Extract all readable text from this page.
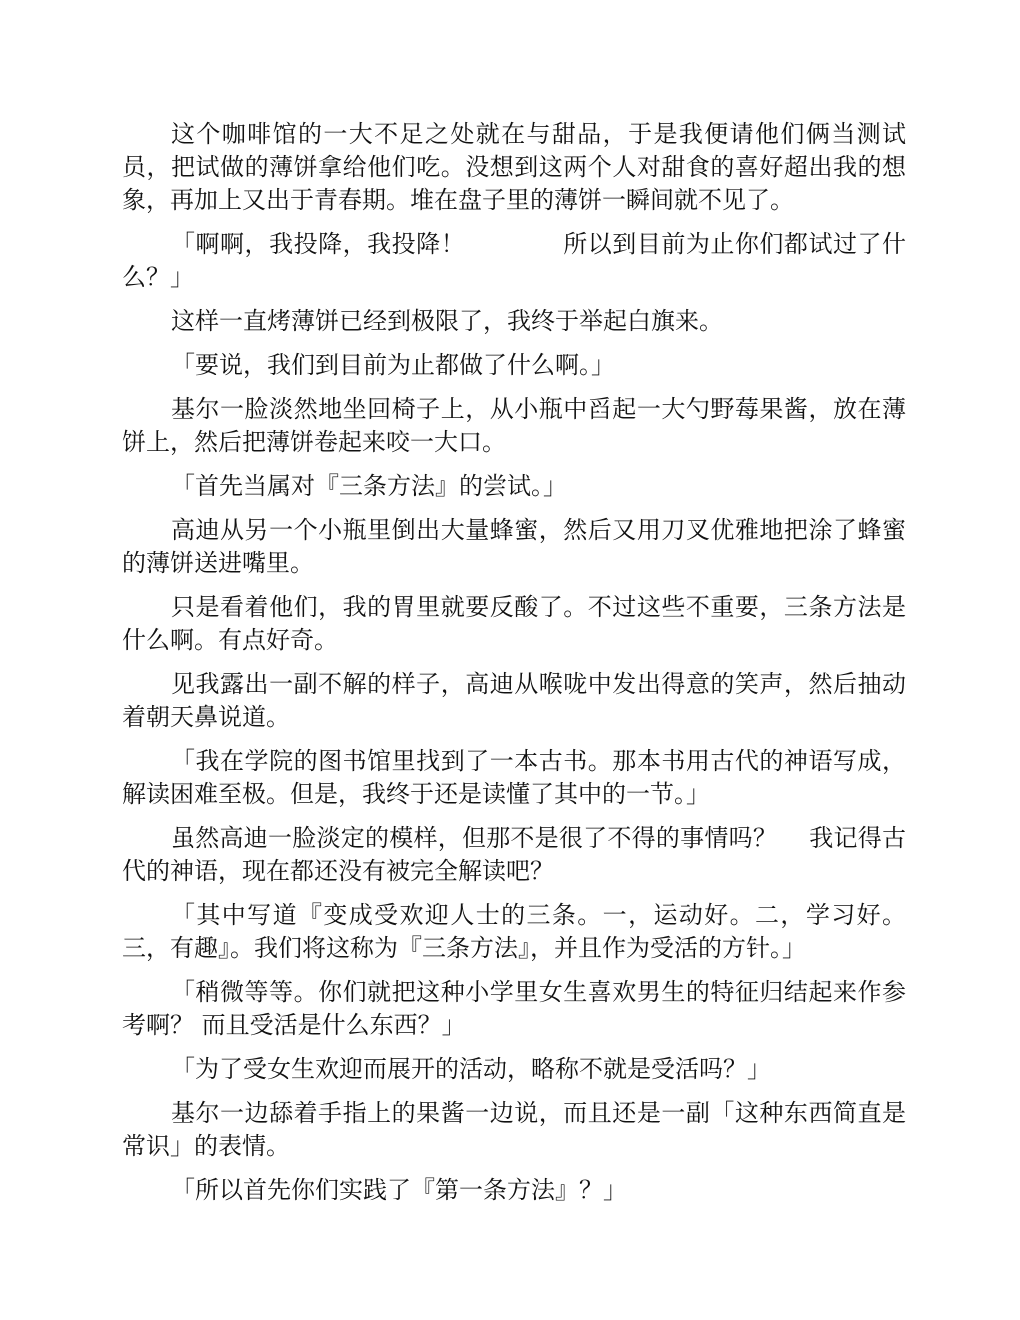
这个咖啡馆的一大不足之处就在与甜品，于是我便请他们俩当测试员，把试做的薄饼拿给他们吃。没想到这两个人对甜食的喜好超出我的想象，再加上又出于青春期。堆在盘子里的薄饼一瞬间就不见了。

「啊啊，我投降，我投降！　　　　所以到目前为止你们都试过了什么？」

这样一直烤薄饼已经到极限了，我终于举起白旗来。

「要说，我们到目前为止都做了什么啊。」

基尔一脸淡然地坐回椅子上，从小瓶中舀起一大勺野莓果酱，放在薄饼上，然后把薄饼卷起来咬一大口。

「首先当属对『三条方法』的尝试。」

高迪从另一个小瓶里倒出大量蜂蜜，然后又用刀叉优雅地把涂了蜂蜜的薄饼送进嘴里。

只是看着他们，我的胃里就要反酸了。不过这些不重要，三条方法是什么啊。有点好奇。

见我露出一副不解的样子，高迪从喉咙中发出得意的笑声，然后抽动着朝天鼻说道。

「我在学院的图书馆里找到了一本古书。那本书用古代的神语写成，解读困难至极。但是，我终于还是读懂了其中的一节。」

虽然高迪一脸淡定的模样，但那不是很了不得的事情吗？　 我记得古代的神语，现在都还没有被完全解读吧？

「其中写道『变成受欢迎人士的三条。一，运动好。二，学习好。三，有趣』。我们将这称为『三条方法』，并且作为受活的方针。」

「稍微等等。你们就把这种小学里女生喜欢男生的特征归结起来作参考啊？ 而且受活是什么东西？」

「为了受女生欢迎而展开的活动，略称不就是受活吗？」

基尔一边舔着手指上的果酱一边说，而且还是一副「这种东西简直是常识」的表情。

「所以首先你们实践了『第一条方法』？」
